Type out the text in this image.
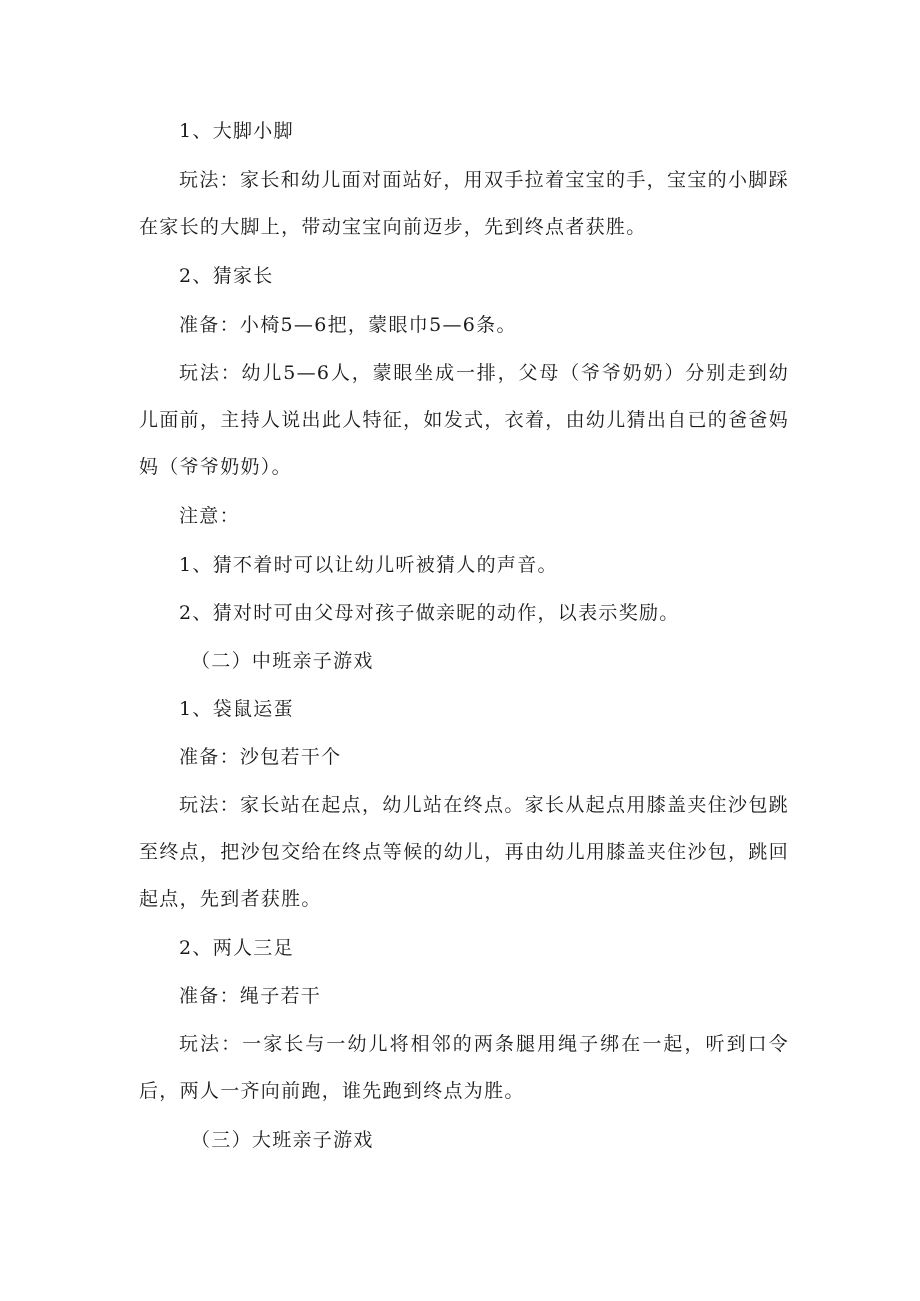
1、大脚小脚

玩法：家长和幼儿面对面站好，用双手拉着宝宝的手，宝宝的小脚踩在家长的大脚上，带动宝宝向前迈步，先到终点者获胜。

2、猜家长

准备：小椅5—6把，蒙眼巾5—6条。

玩法：幼儿5—6人，蒙眼坐成一排，父母（爷爷奶奶）分别走到幼儿面前，主持人说出此人特征，如发式，衣着，由幼儿猜出自已的爸爸妈妈（爷爷奶奶）。

注意：

1、猜不着时可以让幼儿听被猜人的声音。

2、猜对时可由父母对孩子做亲昵的动作，以表示奖励。

（二）中班亲子游戏

1、袋鼠运蛋

准备：沙包若干个

玩法：家长站在起点，幼儿站在终点。家长从起点用膝盖夹住沙包跳至终点，把沙包交给在终点等候的幼儿，再由幼儿用膝盖夹住沙包，跳回起点，先到者获胜。

2、两人三足

准备：绳子若干

玩法：一家长与一幼儿将相邻的两条腿用绳子绑在一起，听到口令后，两人一齐向前跑，谁先跑到终点为胜。

（三）大班亲子游戏
